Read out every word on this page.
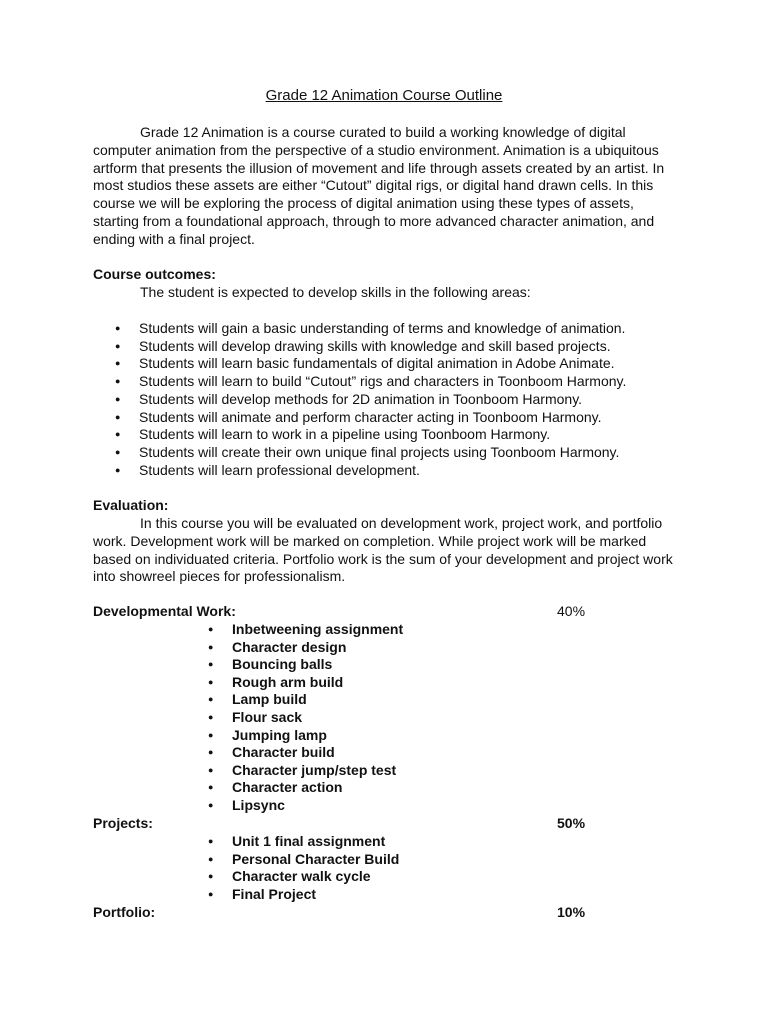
Grade 12 Animation Course Outline

Grade 12 Animation is a course curated to build a working knowledge of digital computer animation from the perspective of a studio environment. Animation is a ubiquitous artform that presents the illusion of movement and life through assets created by an artist. In most studios these assets are either “Cutout” digital rigs, or digital hand drawn cells. In this course we will be exploring the process of digital animation using these types of assets, starting from a foundational approach, through to more advanced character animation, and ending with a final project.

Course outcomes:
The student is expected to develop skills in the following areas:
● Students will gain a basic understanding of terms and knowledge of animation.
● Students will develop drawing skills with knowledge and skill based projects.
● Students will learn basic fundamentals of digital animation in Adobe Animate.
● Students will learn to build “Cutout” rigs and characters in Toonboom Harmony.
● Students will develop methods for 2D animation in Toonboom Harmony.
● Students will animate and perform character acting in Toonboom Harmony.
● Students will learn to work in a pipeline using Toonboom Harmony.
● Students will create their own unique final projects using Toonboom Harmony.
● Students will learn professional development.
Evaluation:

In this course you will be evaluated on development work, project work, and portfolio work. Development work will be marked on completion. While project work will be marked based on individuated criteria. Portfolio work is the sum of your development and project work into showreel pieces for professionalism.

Developmental Work:	40%
● Inbetweening assignment
● Character design
● Bouncing balls
● Rough arm build
● Lamp build
● Flour sack
● Jumping lamp
● Character build
● Character jump/step test
● Character action
● Lipsync
Projects:	50%
● Unit 1 final assignment
● Personal Character Build
● Character walk cycle
● Final Project
Portfolio:	10%
